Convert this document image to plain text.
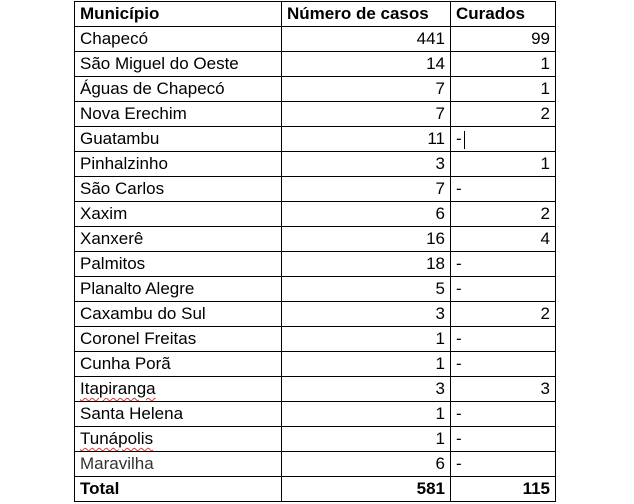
Município	Número de casos	Curados
Chapecó	441	99
São Miguel do Oeste	14	1
Águas de Chapecó	7	1
Nova Erechim	7	2
Guatambu	11	-
Pinhalzinho	3	1
São Carlos	7	-
Xaxim	6	2
Xanxerê	16	4
Palmitos	18	-
Planalto Alegre	5	-
Caxambu do Sul	3	2
Coronel Freitas	1	-
Cunha Porã	1	-
Itapiranga	3	3
Santa Helena	1	-
Tunápolis	1	-
Maravilha	6	-
Total	581	115
